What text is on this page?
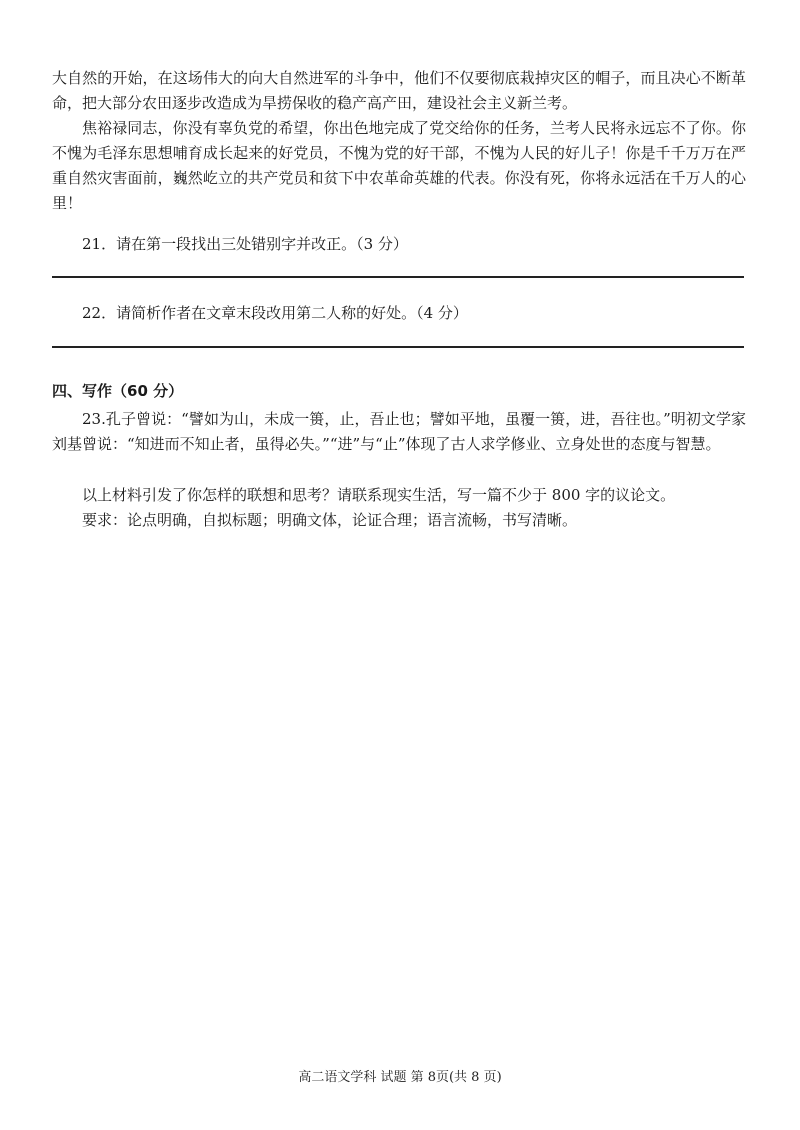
大自然的开始，在这场伟大的向大自然进军的斗争中，他们不仅要彻底栽掉灾区的帽子，而且决心不断革命，把大部分农田逐步改造成为旱捞保收的稳产高产田，建设社会主义新兰考。

焦裕禄同志，你没有辜负党的希望，你出色地完成了党交给你的任务，兰考人民将永远忘不了你。你不愧为毛泽东思想哺育成长起来的好党员，不愧为党的好干部，不愧为人民的好儿子！你是千千万万在严重自然灾害面前，巍然屹立的共产党员和贫下中农革命英雄的代表。你没有死，你将永远活在千万人的心里！

21．请在第一段找出三处错别字并改正。（3 分）

22．请简析作者在文章末段改用第二人称的好处。（4 分）

四、写作（60 分）

23.孔子曾说：“譬如为山，未成一篑，止，吾止也；譬如平地，虽覆一篑，进，吾往也。”明初文学家刘基曾说：“知进而不知止者，虽得必失。”“进”与“止”体现了古人求学修业、立身处世的态度与智慧。

以上材料引发了你怎样的联想和思考？请联系现实生活，写一篇不少于 800 字的议论文。

要求：论点明确，自拟标题；明确文体，论证合理；语言流畅，书写清晰。

高二语文学科 试题 第 8页(共 8 页)
